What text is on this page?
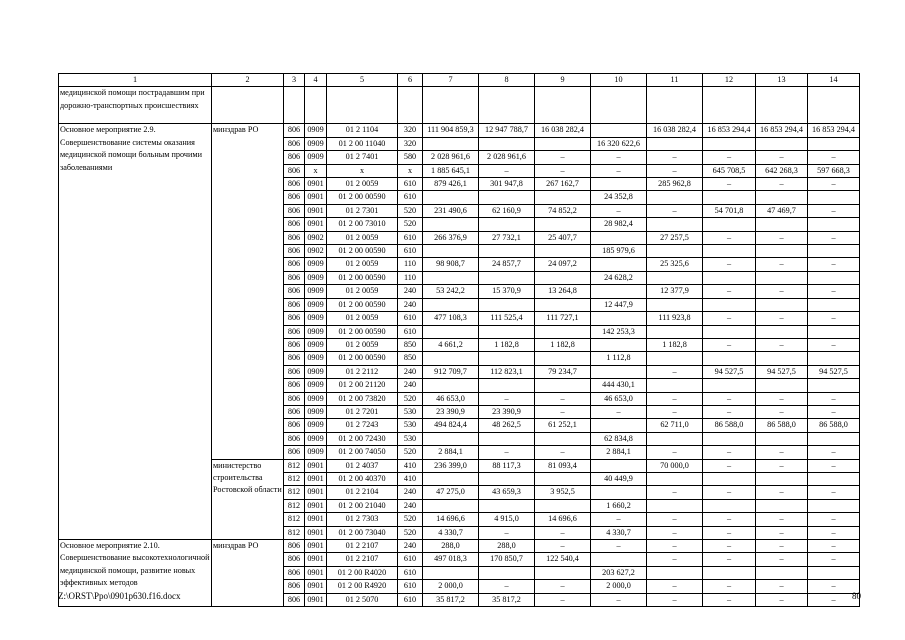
1	2	3	4	5	6	7	8	9	10	11	12	13	14
медицинской помощи пострадавшим при дорожно-транспортных происшествиях													
Основное мероприятие 2.9. Совершенствование системы оказания медицинской помощи больным прочими заболеваниями	минздрав РО	806	0909	01 2 1104	320	111 904 859,3	12 947 788,7	16 038 282,4		16 038 282,4	16 853 294,4	16 853 294,4	16 853 294,4
		806	0909	01 2 00 11040	320				16 320 622,6				
		806	0909	01 2 7401	580	2 028 961,6	2 028 961,6	–	–	–	–	–	–
		806	x	x	x	1 885 645,1	–	–	–	–	645 708,5	642 268,3	597 668,3
		806	0901	01 2 0059	610	879 426,1	301 947,8	267 162,7		285 962,8	–	–	–
		806	0901	01 2 00 00590	610				24 352,8				
		806	0901	01 2 7301	520	231 490,6	62 160,9	74 852,2	–	–	54 701,8	47 469,7	–
		806	0901	01 2 00 73010	520				28 982,4				
		806	0902	01 2 0059	610	266 376,9	27 732,1	25 407,7		27 257,5	–	–	–
		806	0902	01 2 00 00590	610				185 979,6				
		806	0909	01 2 0059	110	98 908,7	24 857,7	24 097,2		25 325,6	–	–	–
		806	0909	01 2 00 00590	110				24 628,2				
		806	0909	01 2 0059	240	53 242,2	15 370,9	13 264,8		12 377,9	–	–	–
		806	0909	01 2 00 00590	240				12 447,9				
		806	0909	01 2 0059	610	477 108,3	111 525,4	111 727,1		111 923,8	–	–	–
		806	0909	01 2 00 00590	610				142 253,3				
		806	0909	01 2 0059	850	4 661,2	1 182,8	1 182,8		1 182,8	–	–	–
		806	0909	01 2 00 00590	850				1 112,8				
		806	0909	01 2 2112	240	912 709,7	112 823,1	79 234,7		–	94 527,5	94 527,5	94 527,5
		806	0909	01 2 00 21120	240				444 430,1				
		806	0909	01 2 00 73820	520	46 653,0	–	–	46 653,0	–	–	–	–
		806	0909	01 2 7201	530	23 390,9	23 390,9	–	–	–	–	–	–
		806	0909	01 2 7243	530	494 824,4	48 262,5	61 252,1		62 711,0	86 588,0	86 588,0	86 588,0
		806	0909	01 2 00 72430	530				62 834,8				
		806	0909	01 2 00 74050	520	2 884,1	–	–	2 884,1	–	–	–	–
	министерство строительства Ростовской области	812	0901	01 2 4037	410	236 399,0	88 117,3	81 093,4		70 000,0	–	–	–
		812	0901	01 2 00 40370	410				40 449,9				
		812	0901	01 2 2104	240	47 275,0	43 659,3	3 952,5		–	–	–	–
		812	0901	01 2 00 21040	240				1 660,2				
		812	0901	01 2 7303	520	14 696,6	4 915,0	14 696,6	–	–	–	–	–
		812	0901	01 2 00 73040	520	4 330,7	–	–	4 330,7	–	–	–	–
Основное мероприятие 2.10. Совершенствование высокотехнологичной медицинской помощи, развитие новых эффективных методов	минздрав РО	806	0901	01 2 2107	240	288,0	288,0	–	–	–	–	–	–
		806	0901	01 2 2107	610	497 018,3	170 850,7	122 540,4		–	–	–	–
		806	0901	01 2 00 R4020	610				203 627,2				
		806	0901	01 2 00 R4920	610	2 000,0	–	–	2 000,0	–	–	–	–
		806	0901	01 2 5070	610	35 817,2	35 817,2	–	–	–	–	–	–
Z:\ORST\Ppo\0901p630.f16.docx	80
